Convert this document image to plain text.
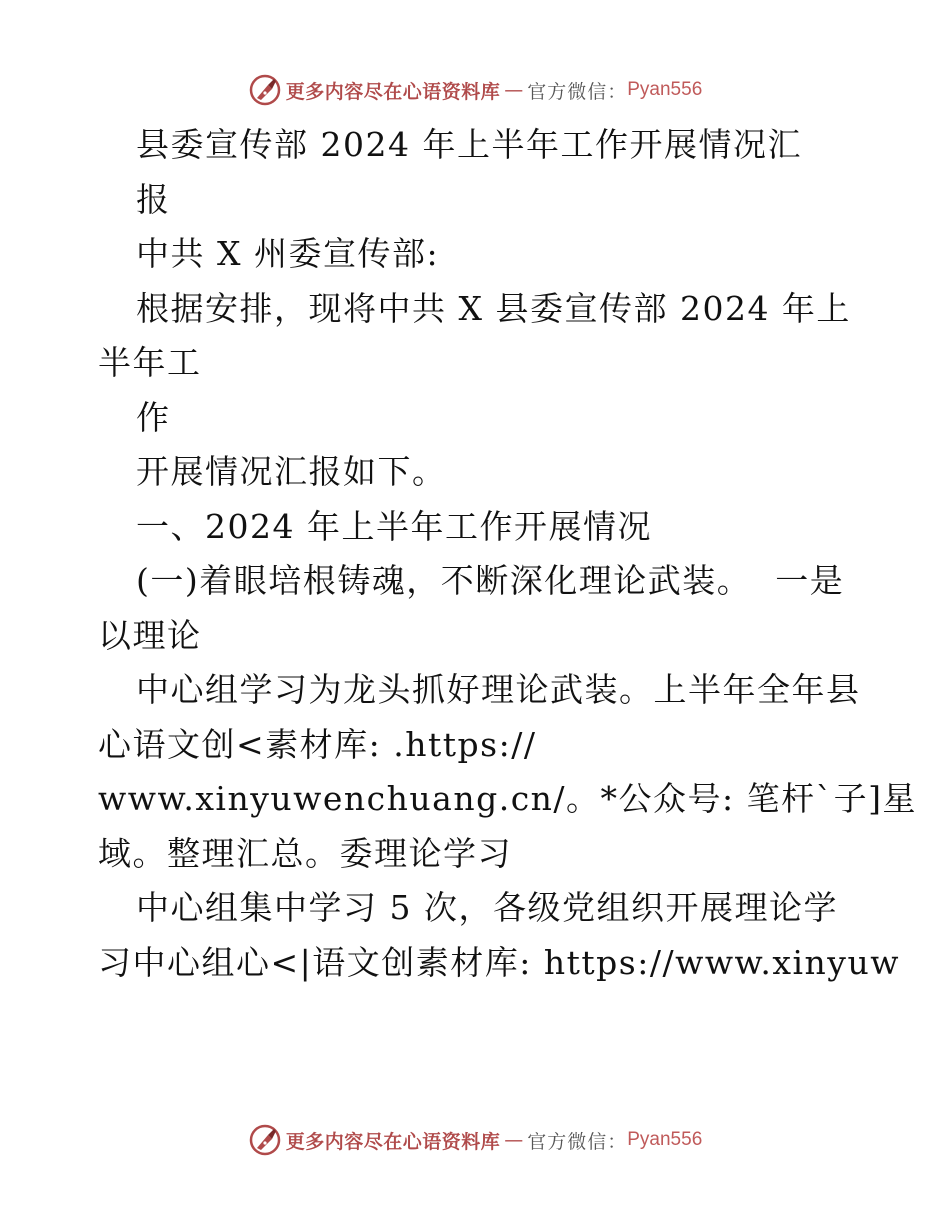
更多内容尽在心语资料库 — 官方微信： Pyan556
县委宣传部 2024 年上半年工作开展情况汇
报
中共 X 州委宣传部:
根据安排，现将中共 X 县委宣传部 2024 年上
半年工
作
开展情况汇报如下。
一、2024 年上半年工作开展情况
(一)着眼培根铸魂，不断深化理论武装。  一是
以理论
中心组学习为龙头抓好理论武装。上半年全年县
心语文创<素材库: .https://
www.xinyuwenchuang.cn/。*公众号: 笔杆`子]星
域。整理汇总。委理论学习
中心组集中学习 5 次，各级党组织开展理论学
习中心组心<|语文创素材库: https://www.xinyuw
更多内容尽在心语资料库 — 官方微信： Pyan556
